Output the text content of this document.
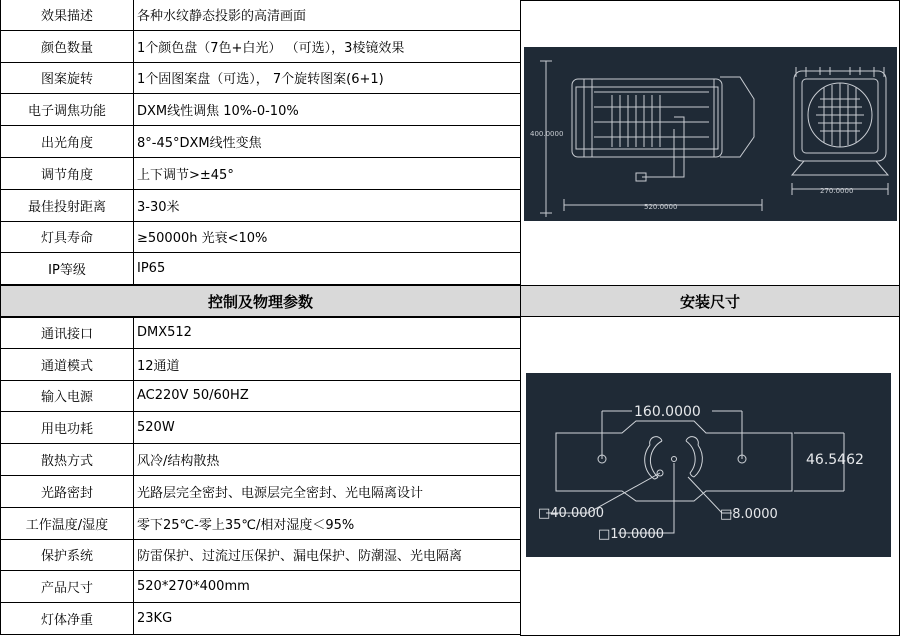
效果描述	各种水纹静态投影的高清画面
颜色数量	1个颜色盘（7色+白光） （可选），3棱镜效果
图案旋转	1个固图案盘（可选）， 7个旋转图案(6+1)
电子调焦功能	DXM线性调焦 10%-0-10%
出光角度	8°-45°DXM线性变焦
调节角度	上下调节>±45°
最佳投射距离	3-30米
灯具寿命	≥50000h 光衰<10%
IP等级	IP65
控制及物理参数	安装尺寸
通讯接口	DMX512
通道模式	12通道
输入电源	AC220V 50/60HZ
用电功耗	520W
散热方式	风冷/结构散热
光路密封	光路层完全密封、电源层完全密封、光电隔离设计
工作温度/湿度	零下25℃-零上35℃/相对湿度＜95%
保护系统	防雷保护、过流过压保护、漏电保护、防潮湿、光电隔离
产品尺寸	520*270*400mm
灯体净重	23KG
400.0000
520.0000
270.0000
160.0000
46.5462
□40.0000
□10.0000
□8.0000
